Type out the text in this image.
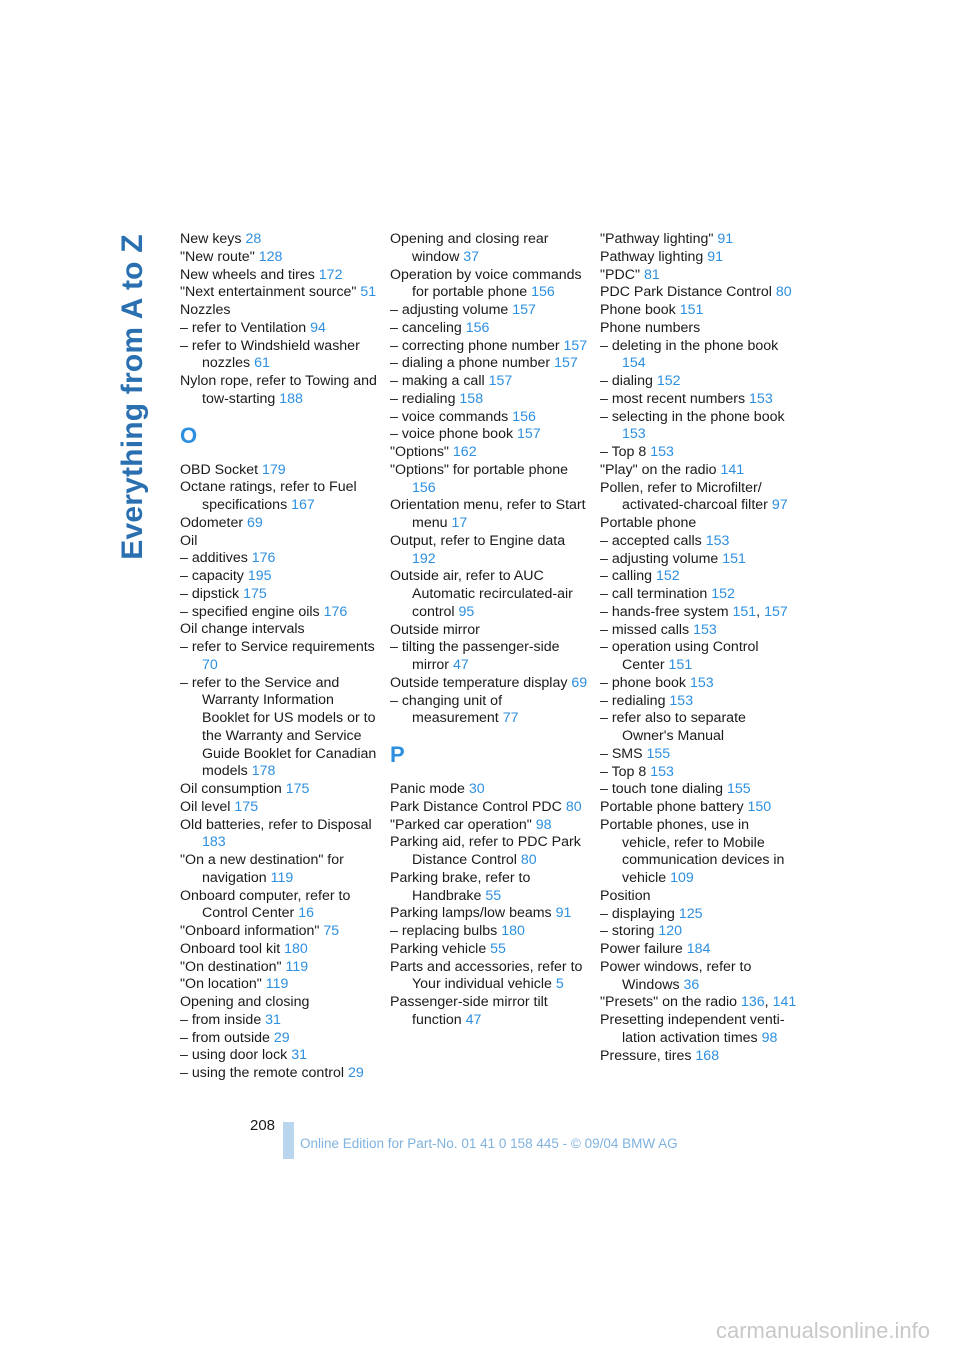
Everything from A to Z New keys 28
"New route" 128
New wheels and tires 172
"Next entertainment source" 51
Nozzles
– refer to Ventilation 94
– refer to Windshield washer nozzles 61
Nylon rope, refer to Towing and tow-starting 188
O
OBD Socket 179
Octane ratings, refer to Fuel specifications 167
Odometer 69
Oil
– additives 176
– capacity 195
– dipstick 175
– specified engine oils 176
Oil change intervals
– refer to Service requirements 70
– refer to the Service and Warranty Information Booklet for US models or to the Warranty and Service Guide Booklet for Canadian models 178
Oil consumption 175
Oil level 175
Old batteries, refer to Disposal 183
"On a new destination" for navigation 119
Onboard computer, refer to Control Center 16
"Onboard information" 75
Onboard tool kit 180
"On destination" 119
"On location" 119
Opening and closing
– from inside 31
– from outside 29
– using door lock 31
– using the remote control 29
Opening and closing rear window 37
Operation by voice commands for portable phone 156
– adjusting volume 157
– canceling 156
– correcting phone number 157
– dialing a phone number 157
– making a call 157
– redialing 158
– voice commands 156
– voice phone book 157
"Options" 162
"Options" for portable phone 156
Orientation menu, refer to Start menu 17
Output, refer to Engine data 192
Outside air, refer to AUC Automatic recirculated-air control 95
Outside mirror
– tilting the passenger-side mirror 47
Outside temperature display 69
– changing unit of measurement 77
P
Panic mode 30
Park Distance Control PDC 80
"Parked car operation" 98
Parking aid, refer to PDC Park Distance Control 80
Parking brake, refer to Handbrake 55
Parking lamps/low beams 91
– replacing bulbs 180
Parking vehicle 55
Parts and accessories, refer to Your individual vehicle 5
Passenger-side mirror tilt function 47
"Pathway lighting" 91
Pathway lighting 91
"PDC" 81
PDC Park Distance Control 80
Phone book 151
Phone numbers
– deleting in the phone book 154
– dialing 152
– most recent numbers 153
– selecting in the phone book 153
– Top 8 153
"Play" on the radio 141
Pollen, refer to Microfilter/ activated-charcoal filter 97
Portable phone
– accepted calls 153
– adjusting volume 151
– calling 152
– call termination 152
– hands-free system 151, 157
– missed calls 153
– operation using Control Center 151
– phone book 153
– redialing 153
– refer also to separate Owner's Manual
– SMS 155
– Top 8 153
– touch tone dialing 155
Portable phone battery 150
Portable phones, use in vehicle, refer to Mobile communication devices in vehicle 109
Position
– displaying 125
– storing 120
Power failure 184
Power windows, refer to Windows 36
"Presets" on the radio 136, 141
Presetting independent venti-lation activation times 98
Pressure, tires 168
208
Online Edition for Part-No. 01 41 0 158 445 - © 09/04 BMW AG
carmanualsonline.info
